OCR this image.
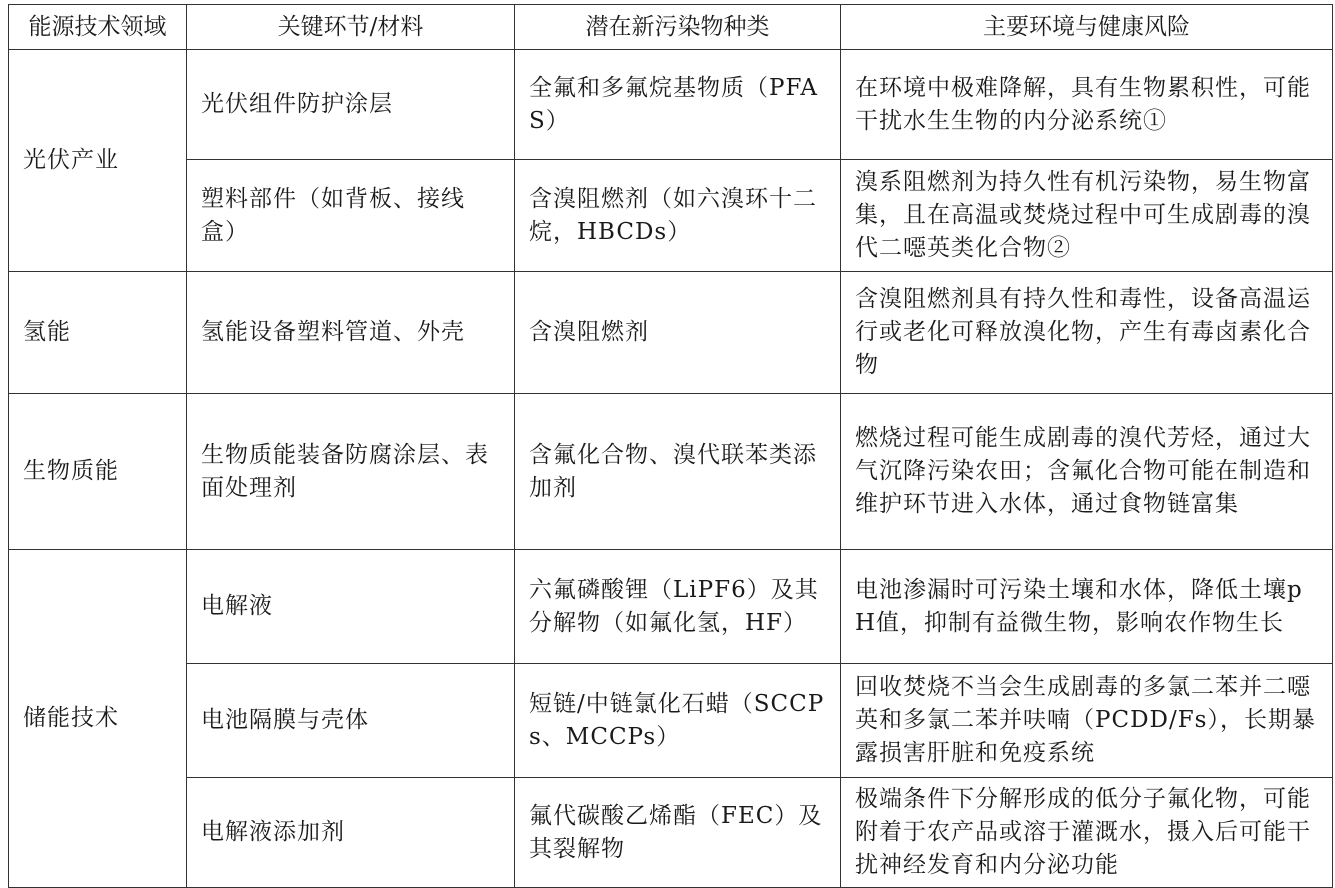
能源技术领域	关键环节/材料	潜在新污染物种类	主要环境与健康风险

光伏产业	光伏组件防护涂层	全氟和多氟烷基物质（PFAS）	在环境中极难降解，具有生物累积性，可能干扰水生生物的内分泌系统①

	塑料部件（如背板、接线盒）	含溴阻燃剂（如六溴环十二烷，HBCDs）	溴系阻燃剂为持久性有机污染物，易生物富集，且在高温或焚烧过程中可生成剧毒的溴代二噁英类化合物②

氢能	氢能设备塑料管道、外壳	含溴阻燃剂	含溴阻燃剂具有持久性和毒性，设备高温运行或老化可释放溴化物，产生有毒卤素化合物

生物质能	生物质能装备防腐涂层、表面处理剂	含氟化合物、溴代联苯类添加剂	燃烧过程可能生成剧毒的溴代芳烃，通过大气沉降污染农田；含氟化合物可能在制造和维护环节进入水体，通过食物链富集

储能技术	电解液	六氟磷酸锂（LiPF6）及其分解物（如氟化氢，HF）	电池渗漏时可污染土壤和水体，降低土壤pH值，抑制有益微生物，影响农作物生长

	电池隔膜与壳体	短链/中链氯化石蜡（SCCPs、MCCPs）	回收焚烧不当会生成剧毒的多氯二苯并二噁英和多氯二苯并呋喃（PCDD/Fs），长期暴露损害肝脏和免疫系统

	电解液添加剂	氟代碳酸乙烯酯（FEC）及其裂解物	极端条件下分解形成的低分子氟化物，可能附着于农产品或溶于灌溉水，摄入后可能干扰神经发育和内分泌功能
